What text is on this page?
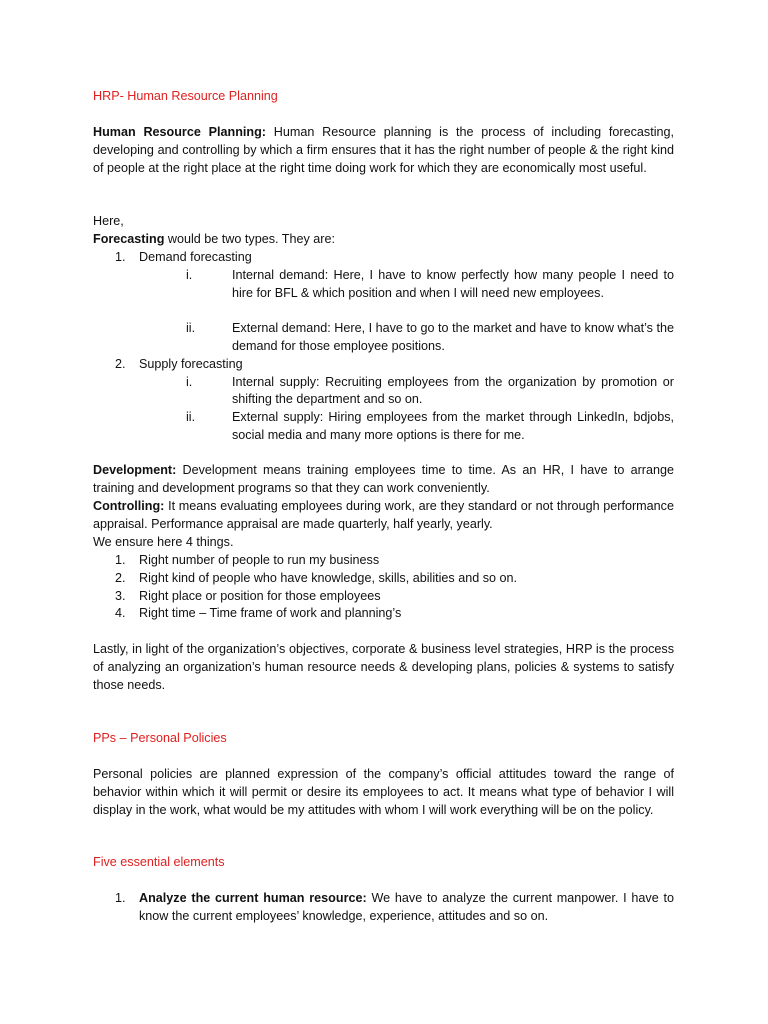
HRP- Human Resource Planning

Human Resource Planning: Human Resource planning is the process of including forecasting, developing and controlling by which a firm ensures that it has the right number of people & the right kind of people at the right place at the right time doing work for which they are economically most useful.

Here,
Forecasting would be two types. They are:
1.	Demand forecasting
i.	Internal demand: Here, I have to know perfectly how many people I need to hire for BFL & which position and when I will need new employees.
ii.	External demand: Here, I have to go to the market and have to know what’s the demand for those employee positions.
2.	Supply forecasting
i.	Internal supply: Recruiting employees from the organization by promotion or shifting the department and so on.
ii.	External supply: Hiring employees from the market through LinkedIn, bdjobs, social media and many more options is there for me.

Development: Development means training employees time to time. As an HR, I have to arrange training and development programs so that they can work conveniently.

Controlling: It means evaluating employees during work, are they standard or not through performance appraisal. Performance appraisal are made quarterly, half yearly, yearly.

We ensure here 4 things.
1.	Right number of people to run my business
2.	Right kind of people who have knowledge, skills, abilities and so on.
3.	Right place or position for those employees
4.	Right time – Time frame of work and planning’s

Lastly, in light of the organization’s objectives, corporate & business level strategies, HRP is the process of analyzing an organization’s human resource needs & developing plans, policies & systems to satisfy those needs.

PPs – Personal Policies

Personal policies are planned expression of the company’s official attitudes toward the range of behavior within which it will permit or desire its employees to act. It means what type of behavior I will display in the work, what would be my attitudes with whom I will work everything will be on the policy.

Five essential elements
1.	Analyze the current human resource: We have to analyze the current manpower. I have to know the current employees’ knowledge, experience, attitudes and so on.
